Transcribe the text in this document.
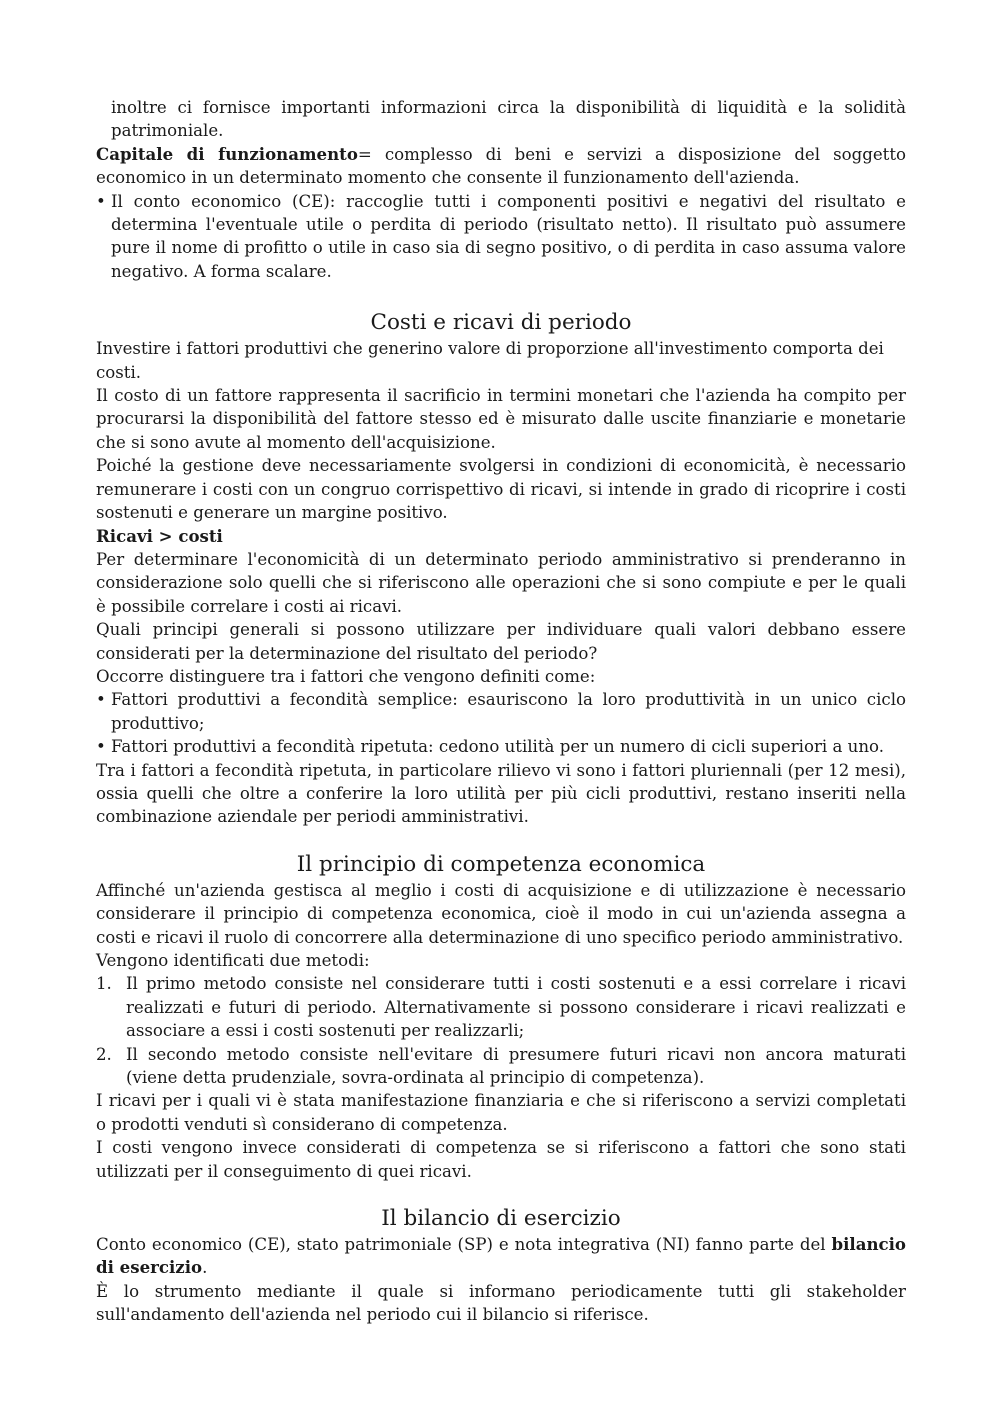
inoltre ci fornisce importanti informazioni circa la disponibilità di liquidità e la solidità patrimoniale.

Capitale di funzionamento= complesso di beni e servizi a disposizione del soggetto economico in un determinato momento che consente il funzionamento dell'azienda.

• Il conto economico (CE): raccoglie tutti i componenti positivi e negativi del risultato e determina l'eventuale utile o perdita di periodo (risultato netto). Il risultato può assumere pure il nome di profitto o utile in caso sia di segno positivo, o di perdita in caso assuma valore negativo. A forma scalare.
Costi e ricavi di periodo

Investire i fattori produttivi che generino valore di proporzione all'investimento comporta dei costi.

Il costo di un fattore rappresenta il sacrificio in termini monetari che l'azienda ha compito per procurarsi la disponibilità del fattore stesso ed è misurato dalle uscite finanziarie e monetarie che si sono avute al momento dell'acquisizione.

Poiché la gestione deve necessariamente svolgersi in condizioni di economicità, è necessario remunerare i costi con un congruo corrispettivo di ricavi, si intende in grado di ricoprire i costi sostenuti e generare un margine positivo.

Ricavi > costi

Per determinare l'economicità di un determinato periodo amministrativo si prenderanno in considerazione solo quelli che si riferiscono alle operazioni che si sono compiute e per le quali è possibile correlare i costi ai ricavi.

Quali principi generali si possono utilizzare per individuare quali valori debbano essere considerati per la determinazione del risultato del periodo?

Occorre distinguere tra i fattori che vengono definiti come:

• Fattori produttivi a fecondità semplice: esauriscono la loro produttività in un unico ciclo produttivo;
• Fattori produttivi a fecondità ripetuta: cedono utilità per un numero di cicli superiori a uno.

Tra i fattori a fecondità ripetuta, in particolare rilievo vi sono i fattori pluriennali (per 12 mesi), ossia quelli che oltre a conferire la loro utilità per più cicli produttivi, restano inseriti nella combinazione aziendale per periodi amministrativi.

Il principio di competenza economica

Affinché un'azienda gestisca al meglio i costi di acquisizione e di utilizzazione è necessario considerare il principio di competenza economica, cioè il modo in cui un'azienda assegna a costi e ricavi il ruolo di concorrere alla determinazione di uno specifico periodo amministrativo.

Vengono identificati due metodi:

1. Il primo metodo consiste nel considerare tutti i costi sostenuti e a essi correlare i ricavi realizzati e futuri di periodo. Alternativamente si possono considerare i ricavi realizzati e associare a essi i costi sostenuti per realizzarli;
2. Il secondo metodo consiste nell'evitare di presumere futuri ricavi non ancora maturati (viene detta prudenziale, sovra-ordinata al principio di competenza).

I ricavi per i quali vi è stata manifestazione finanziaria e che si riferiscono a servizi completati o prodotti venduti sì considerano di competenza.

I costi vengono invece considerati di competenza se si riferiscono a fattori che sono stati utilizzati per il conseguimento di quei ricavi.

Il bilancio di esercizio

Conto economico (CE), stato patrimoniale (SP) e nota integrativa (NI) fanno parte del bilancio di esercizio.

È lo strumento mediante il quale si informano periodicamente tutti gli stakeholder sull'andamento dell'azienda nel periodo cui il bilancio si riferisce.
